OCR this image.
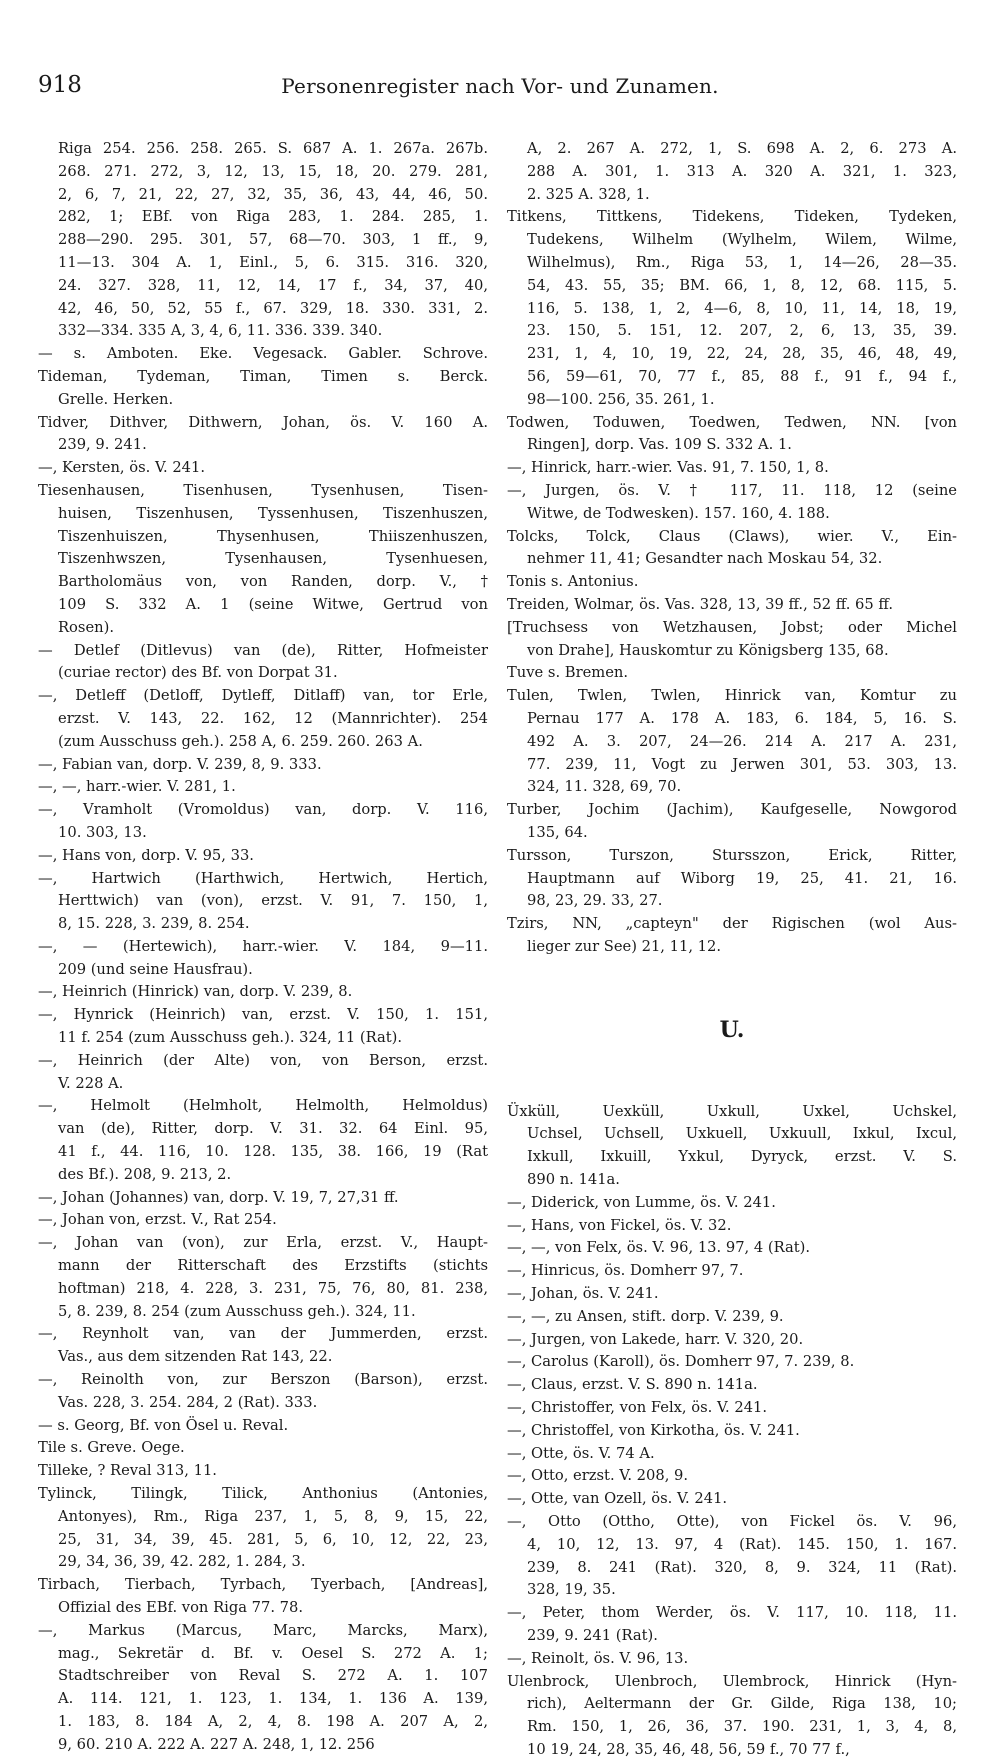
918	Personenregister nach Vor- und Zunamen.
Riga 254. 256. 258. 265. S. 687 A. 1. 267a. 267b.
268. 271. 272, 3, 12, 13, 15, 18, 20. 279. 281,
2, 6, 7, 21, 22, 27, 32, 35, 36, 43, 44, 46, 50.
282, 1; EBf. von Riga 283, 1. 284. 285, 1.
288—290. 295. 301, 57, 68—70. 303, 1 ff., 9,
11—13. 304 A. 1, Einl., 5, 6. 315. 316. 320,
24. 327. 328, 11, 12, 14, 17 f., 34, 37, 40,
42, 46, 50, 52, 55 f., 67. 329, 18. 330. 331, 2.
332—334. 335 A, 3, 4, 6, 11. 336. 339. 340.
— s. Amboten. Eke. Vegesack. Gabler. Schrove.
Tideman, Tydeman, Timan, Timen s. Berck.
Grelle. Herken.
Tidver, Dithver, Dithwern, Johan, ös. V. 160 A.
239, 9. 241.
—, Kersten, ös. V. 241.
Tiesenhausen, Tisenhusen, Tysenhusen, Tisen-
huisen, Tiszenhusen, Tyssenhusen, Tiszenhuszen,
Tiszenhuiszen, Thysenhusen, Thiiszenhuszen,
Tiszenhwszen, Tysenhausen, Tysenhuesen,
Bartholomäus von, von Randen, dorp. V., †
109 S. 332 A. 1 (seine Witwe, Gertrud von
Rosen).
— Detlef (Ditlevus) van (de), Ritter, Hofmeister
(curiae rector) des Bf. von Dorpat 31.
—, Detleff (Detloff, Dytleff, Ditlaff) van, tor Erle,
erzst. V. 143, 22. 162, 12 (Mannrichter). 254
(zum Ausschuss geh.). 258 A, 6. 259. 260. 263 A.
—, Fabian van, dorp. V. 239, 8, 9. 333.
—, —, harr.-wier. V. 281, 1.
—, Vramholt (Vromoldus) van, dorp. V. 116,
10. 303, 13.
—, Hans von, dorp. V. 95, 33.
—, Hartwich (Harthwich, Hertwich, Hertich,
Herttwich) van (von), erzst. V. 91, 7. 150, 1,
8, 15. 228, 3. 239, 8. 254.
—, — (Hertewich), harr.-wier. V. 184, 9—11.
209 (und seine Hausfrau).
—, Heinrich (Hinrick) van, dorp. V. 239, 8.
—, Hynrick (Heinrich) van, erzst. V. 150, 1. 151,
11 f. 254 (zum Ausschuss geh.). 324, 11 (Rat).
—, Heinrich (der Alte) von, von Berson, erzst.
V. 228 A.
—, Helmolt (Helmholt, Helmolth, Helmoldus)
van (de), Ritter, dorp. V. 31. 32. 64 Einl. 95,
41 f., 44. 116, 10. 128. 135, 38. 166, 19 (Rat
des Bf.). 208, 9. 213, 2.
—, Johan (Johannes) van, dorp. V. 19, 7, 27,31 ff.
—, Johan von, erzst. V., Rat 254.
—, Johan van (von), zur Erla, erzst. V., Haupt-
mann der Ritterschaft des Erzstifts (stichts
hoftman) 218, 4. 228, 3. 231, 75, 76, 80, 81. 238,
5, 8. 239, 8. 254 (zum Ausschuss geh.). 324, 11.
—, Reynholt van, van der Jummerden, erzst.
Vas., aus dem sitzenden Rat 143, 22.
—, Reinolth von, zur Berszon (Barson), erzst.
Vas. 228, 3. 254. 284, 2 (Rat). 333.
— s. Georg, Bf. von Ösel u. Reval.
Tile s. Greve. Oege.
Tilleke, ? Reval 313, 11.
Tylinck, Tilingk, Tilick, Anthonius (Antonies,
Antonyes), Rm., Riga 237, 1, 5, 8, 9, 15, 22,
25, 31, 34, 39, 45. 281, 5, 6, 10, 12, 22, 23,
29, 34, 36, 39, 42. 282, 1. 284, 3.
Tirbach, Tierbach, Tyrbach, Tyerbach, [Andreas],
Offizial des EBf. von Riga 77. 78.
—, Markus (Marcus, Marc, Marcks, Marx),
mag., Sekretär d. Bf. v. Oesel S. 272 A. 1;
Stadtschreiber von Reval S. 272 A. 1. 107
A. 114. 121, 1. 123, 1. 134, 1. 136 A. 139,
1. 183, 8. 184 A, 2, 4, 8. 198 A. 207 A, 2,
9, 60. 210 A. 222 A. 227 A. 248, 1, 12. 256
A, 2. 267 A. 272, 1, S. 698 A. 2, 6. 273 A.
288 A. 301, 1. 313 A. 320 A. 321, 1. 323,
2. 325 A. 328, 1.
Titkens, Tittkens, Tidekens, Tideken, Tydeken,
Tudekens, Wilhelm (Wylhelm, Wilem, Wilme,
Wilhelmus), Rm., Riga 53, 1, 14—26, 28—35.
54, 43. 55, 35; BM. 66, 1, 8, 12, 68. 115, 5.
116, 5. 138, 1, 2, 4—6, 8, 10, 11, 14, 18, 19,
23. 150, 5. 151, 12. 207, 2, 6, 13, 35, 39.
231, 1, 4, 10, 19, 22, 24, 28, 35, 46, 48, 49,
56, 59—61, 70, 77 f., 85, 88 f., 91 f., 94 f.,
98—100. 256, 35. 261, 1.
Todwen, Toduwen, Toedwen, Tedwen, NN. [von
Ringen], dorp. Vas. 109 S. 332 A. 1.
—, Hinrick, harr.-wier. Vas. 91, 7. 150, 1, 8.
—, Jurgen, ös. V. † 117, 11. 118, 12 (seine
Witwe, de Todwesken). 157. 160, 4. 188.
Tolcks, Tolck, Claus (Claws), wier. V., Ein-
nehmer 11, 41; Gesandter nach Moskau 54, 32.
Tonis s. Antonius.
Treiden, Wolmar, ös. Vas. 328, 13, 39 ff., 52 ff. 65 ff.
[Truchsess von Wetzhausen, Jobst; oder Michel
von Drahe], Hauskomtur zu Königsberg 135, 68.
Tuve s. Bremen.
Tulen, Twlen, Twlen, Hinrick van, Komtur zu
Pernau 177 A. 178 A. 183, 6. 184, 5, 16. S.
492 A. 3. 207, 24—26. 214 A. 217 A. 231,
77. 239, 11, Vogt zu Jerwen 301, 53. 303, 13.
324, 11. 328, 69, 70.
Turber, Jochim (Jachim), Kaufgeselle, Nowgorod
135, 64.
Tursson, Turszon, Stursszon, Erick, Ritter,
Hauptmann auf Wiborg 19, 25, 41. 21, 16.
98, 23, 29. 33, 27.
Tzirs, NN, „capteyn" der Rigischen (wol Aus-
lieger zur See) 21, 11, 12.
U.
Üxküll, Uexküll, Uxkull, Uxkel, Uchskel,
Uchsel, Uchsell, Uxkuell, Uxkuull, Ixkul, Ixcul,
Ixkull, Ixkuill, Yxkul, Dyryck, erzst. V. S.
890 n. 141a.
—, Diderick, von Lumme, ös. V. 241.
—, Hans, von Fickel, ös. V. 32.
—, —, von Felx, ös. V. 96, 13. 97, 4 (Rat).
—, Hinricus, ös. Domherr 97, 7.
—, Johan, ös. V. 241.
—, —, zu Ansen, stift. dorp. V. 239, 9.
—, Jurgen, von Lakede, harr. V. 320, 20.
—, Carolus (Karoll), ös. Domherr 97, 7. 239, 8.
—, Claus, erzst. V. S. 890 n. 141a.
—, Christoffer, von Felx, ös. V. 241.
—, Christoffel, von Kirkotha, ös. V. 241.
—, Otte, ös. V. 74 A.
—, Otto, erzst. V. 208, 9.
—, Otte, van Ozell, ös. V. 241.
—, Otto (Ottho, Otte), von Fickel ös. V. 96,
4, 10, 12, 13. 97, 4 (Rat). 145. 150, 1. 167.
239, 8. 241 (Rat). 320, 8, 9. 324, 11 (Rat).
328, 19, 35.
—, Peter, thom Werder, ös. V. 117, 10. 118, 11.
239, 9. 241 (Rat).
—, Reinolt, ös. V. 96, 13.
Ulenbrock, Ulenbroch, Ulembrock, Hinrick (Hyn-
rich), Aeltermann der Gr. Gilde, Riga 138, 10;
Rm. 150, 1, 26, 36, 37. 190. 231, 1, 3, 4, 8,
10 19, 24, 28, 35, 46, 48, 56, 59 f., 70 77 f.,
